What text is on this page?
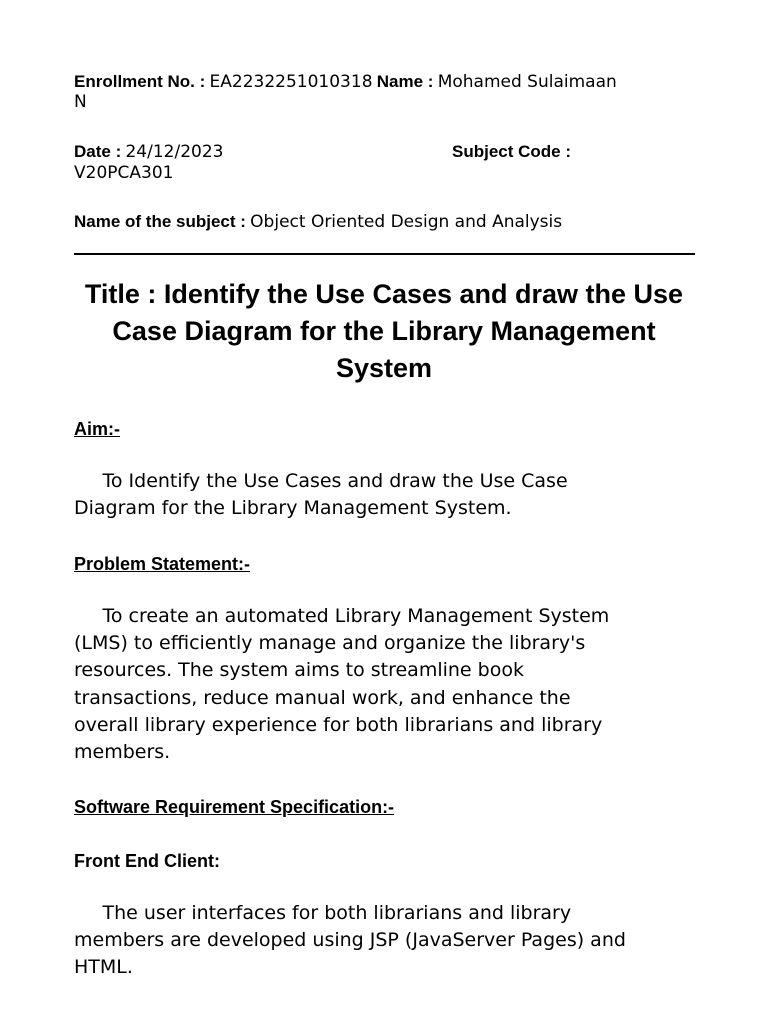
Enrollment No. : EA2232251010318 Name : Mohamed Sulaimaan
N
Date : 24/12/2023	Subject Code :
V20PCA301
Name of the subject : Object Oriented Design and Analysis
Title : Identify the Use Cases and draw the Use Case Diagram for the Library Management System
Aim:-
  To Identify the Use Cases and draw the Use Case
Diagram for the Library Management System.
Problem Statement:-
  To create an automated Library Management System
(LMS) to efficiently manage and organize the library's
resources. The system aims to streamline book
transactions, reduce manual work, and enhance the
overall library experience for both librarians and library
members.
Software Requirement Specification:-
Front End Client:
  The user interfaces for both librarians and library
members are developed using JSP (JavaServer Pages) and
HTML.
